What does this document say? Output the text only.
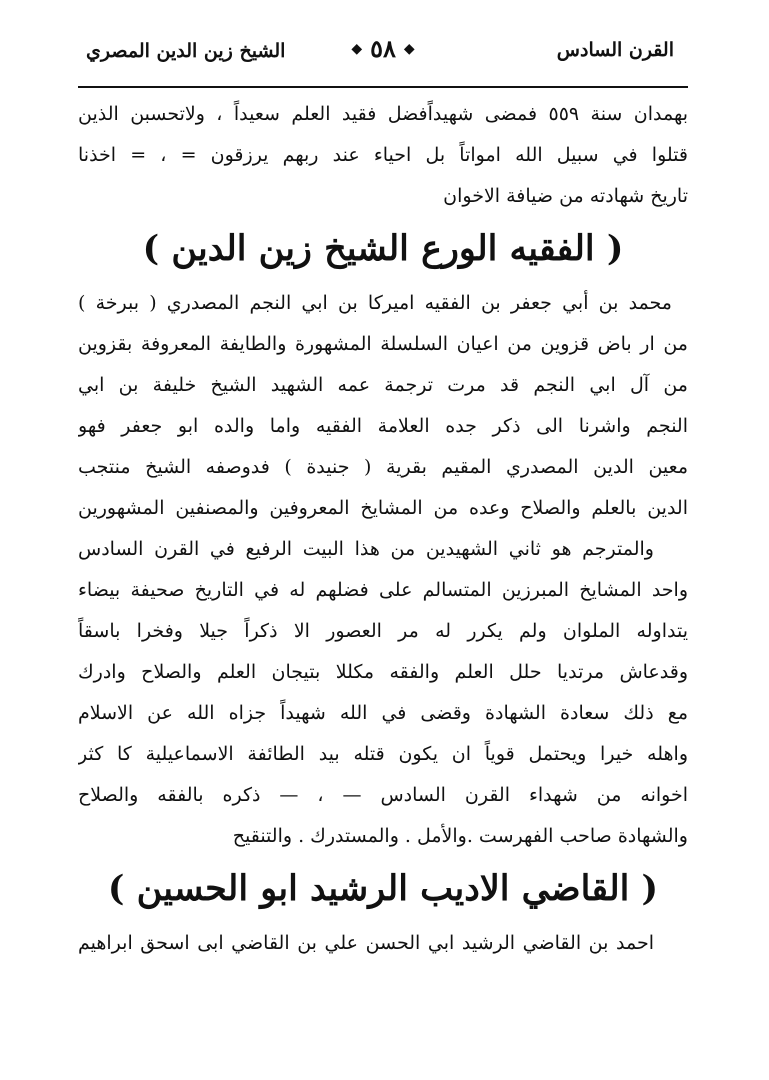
القرن السادس
◆
٥٨
◆
الشيخ زين الدين المصري
بهمدان سنة ٥٥٩ فمضى شهيداًفضل فقيد العلم سعيداً ، ولاتحسبن الذين
قتلوا في سبيل الله امواتاً بل احياء عند ربهم يرزقون = ، = اخذنا
تاريخ شهادته من ضيافة الاخوان
( الفقيه الورع الشيخ زين الدين )
محمد بن أبي جعفر بن الفقيه اميركا بن ابي النجم المصدري ( ببرخة )
من ار باض قزوين من اعيان السلسلة المشهورة والطايفة المعروفة بقزوين
من آل ابي النجم قد مرت ترجمة عمه الشهيد الشيخ خليفة بن ابي
النجم واشرنا الى ذكر جده العلامة الفقيه واما والده ابو جعفر فهو
معين الدين المصدري المقيم بقرية ( جنيدة ) فدوصفه الشيخ منتجب
الدين بالعلم والصلاح وعده من المشايخ المعروفين والمصنفين المشهورين
والمترجم هو ثاني الشهيدين من هذا البيت الرفيع في القرن السادس
واحد المشايخ المبرزين المتسالم على فضلهم له في التاريخ صحيفة بيضاء
يتداوله الملوان ولم يكرر له مر العصور الا ذكراً جيلا وفخرا باسقاً
وقدعاش مرتديا حلل العلم والفقه مكللا بتيجان العلم والصلاح وادرك
مع ذلك سعادة الشهادة وقضى في الله شهيداً جزاه الله عن الاسلام
واهله خيرا ويحتمل قوياً ان يكون قتله بيد الطائفة الاسماعيلية كا كثر
اخوانه من شهداء القرن السادس — ، — ذكره بالفقه والصلاح
والشهادة صاحب الفهرست .والأمل . والمستدرك . والتنقيح
( القاضي الاديب الرشيد ابو الحسين )
احمد بن القاضي الرشيد ابي الحسن علي بن القاضي ابى اسحق ابراهيم
